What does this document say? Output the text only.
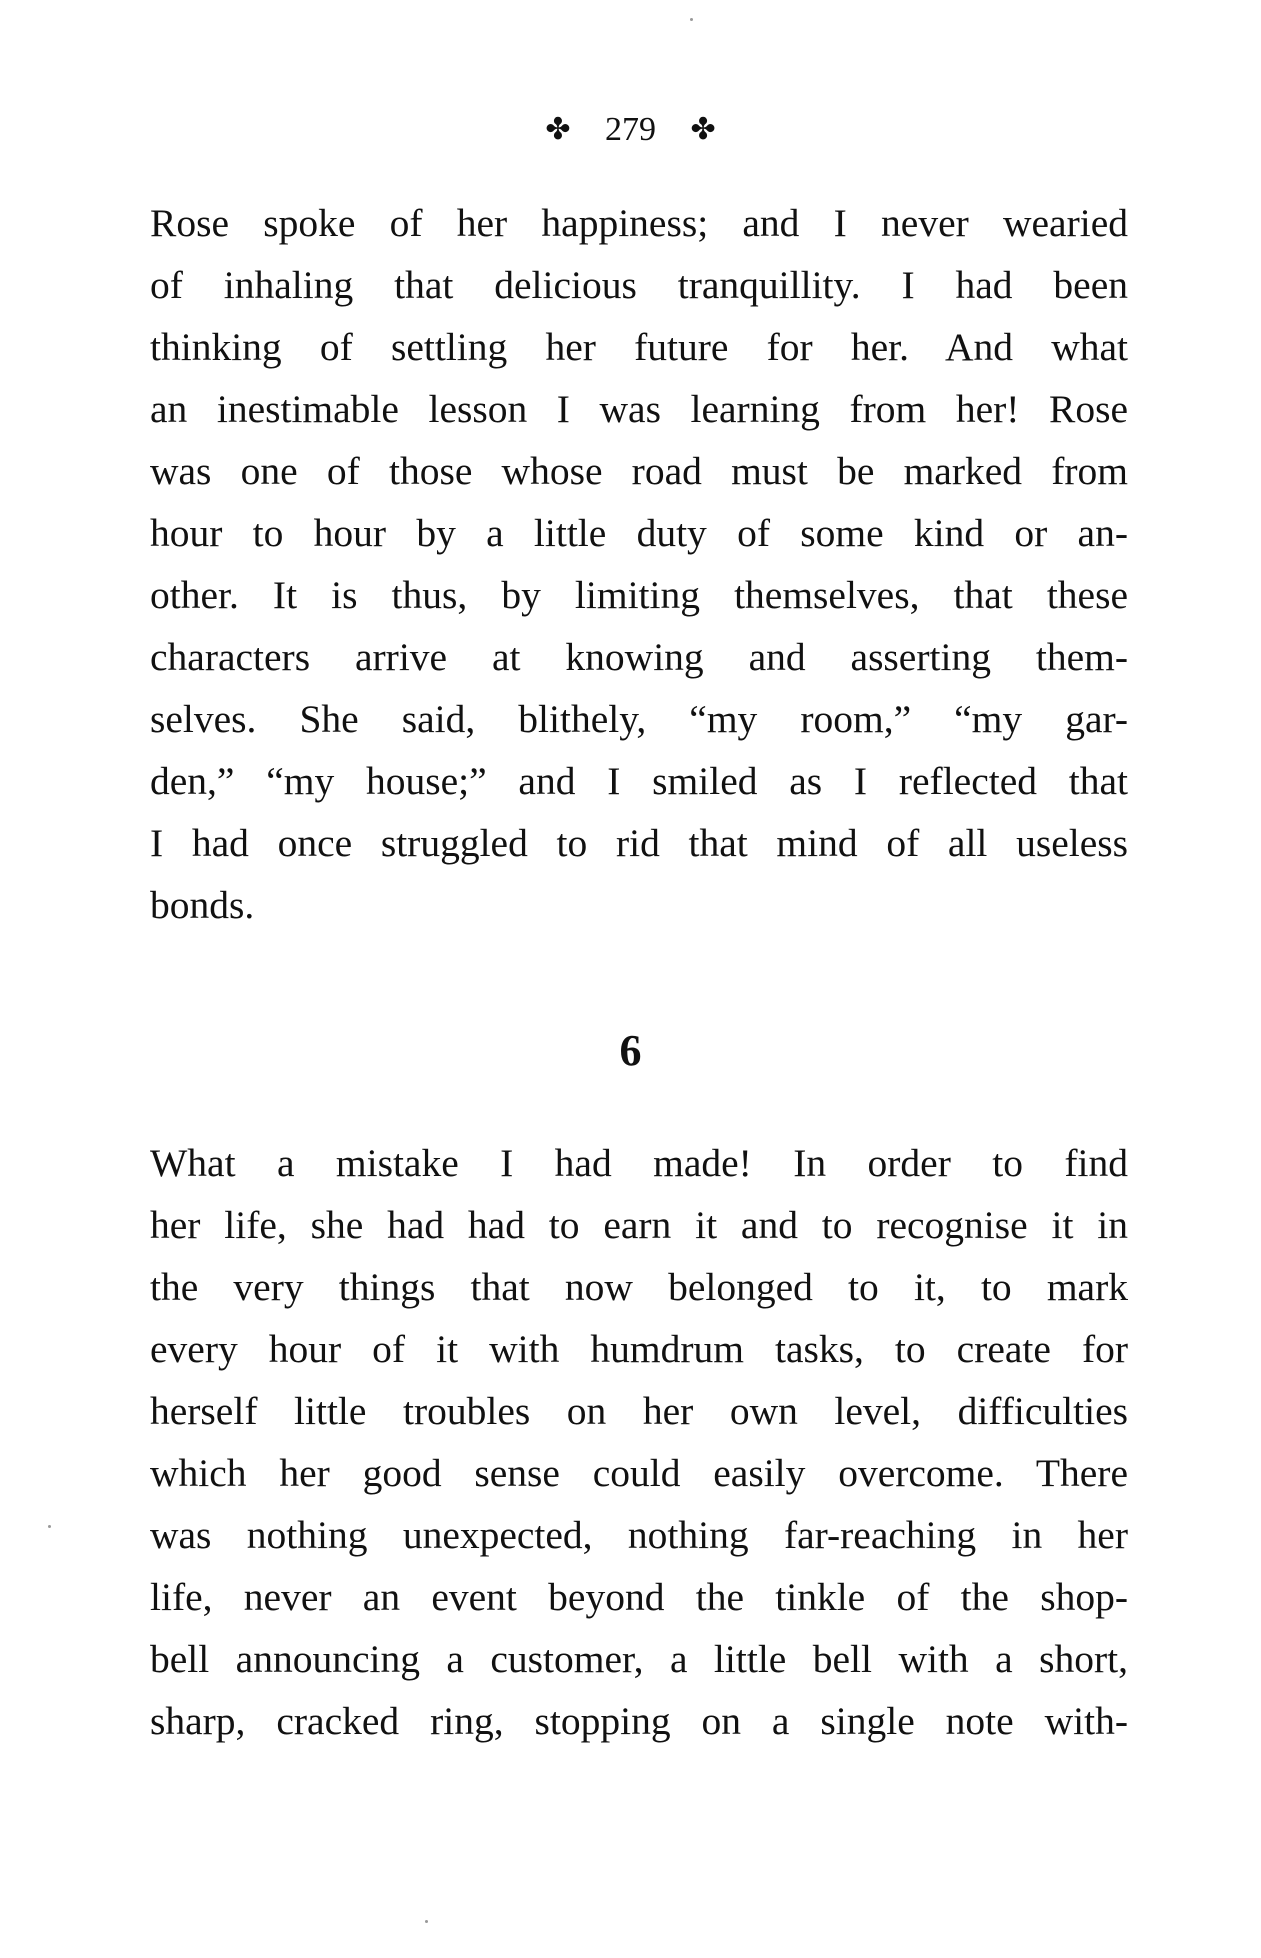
✤ 279 ✤
Rose spoke of her happiness; and I never wearied
of inhaling that delicious tranquillity. I had been
thinking of settling her future for her. And what
an inestimable lesson I was learning from her! Rose
was one of those whose road must be marked from
hour to hour by a little duty of some kind or an-
other. It is thus, by limiting themselves, that these
characters arrive at knowing and asserting them-
selves. She said, blithely, “my room,” “my gar-
den,” “my house;” and I smiled as I reflected that
I had once struggled to rid that mind of all useless
bonds.
6
What a mistake I had made! In order to find
her life, she had had to earn it and to recognise it in
the very things that now belonged to it, to mark
every hour of it with humdrum tasks, to create for
herself little troubles on her own level, difficulties
which her good sense could easily overcome. There
was nothing unexpected, nothing far-reaching in her
life, never an event beyond the tinkle of the shop-
bell announcing a customer, a little bell with a short,
sharp, cracked ring, stopping on a single note with-
